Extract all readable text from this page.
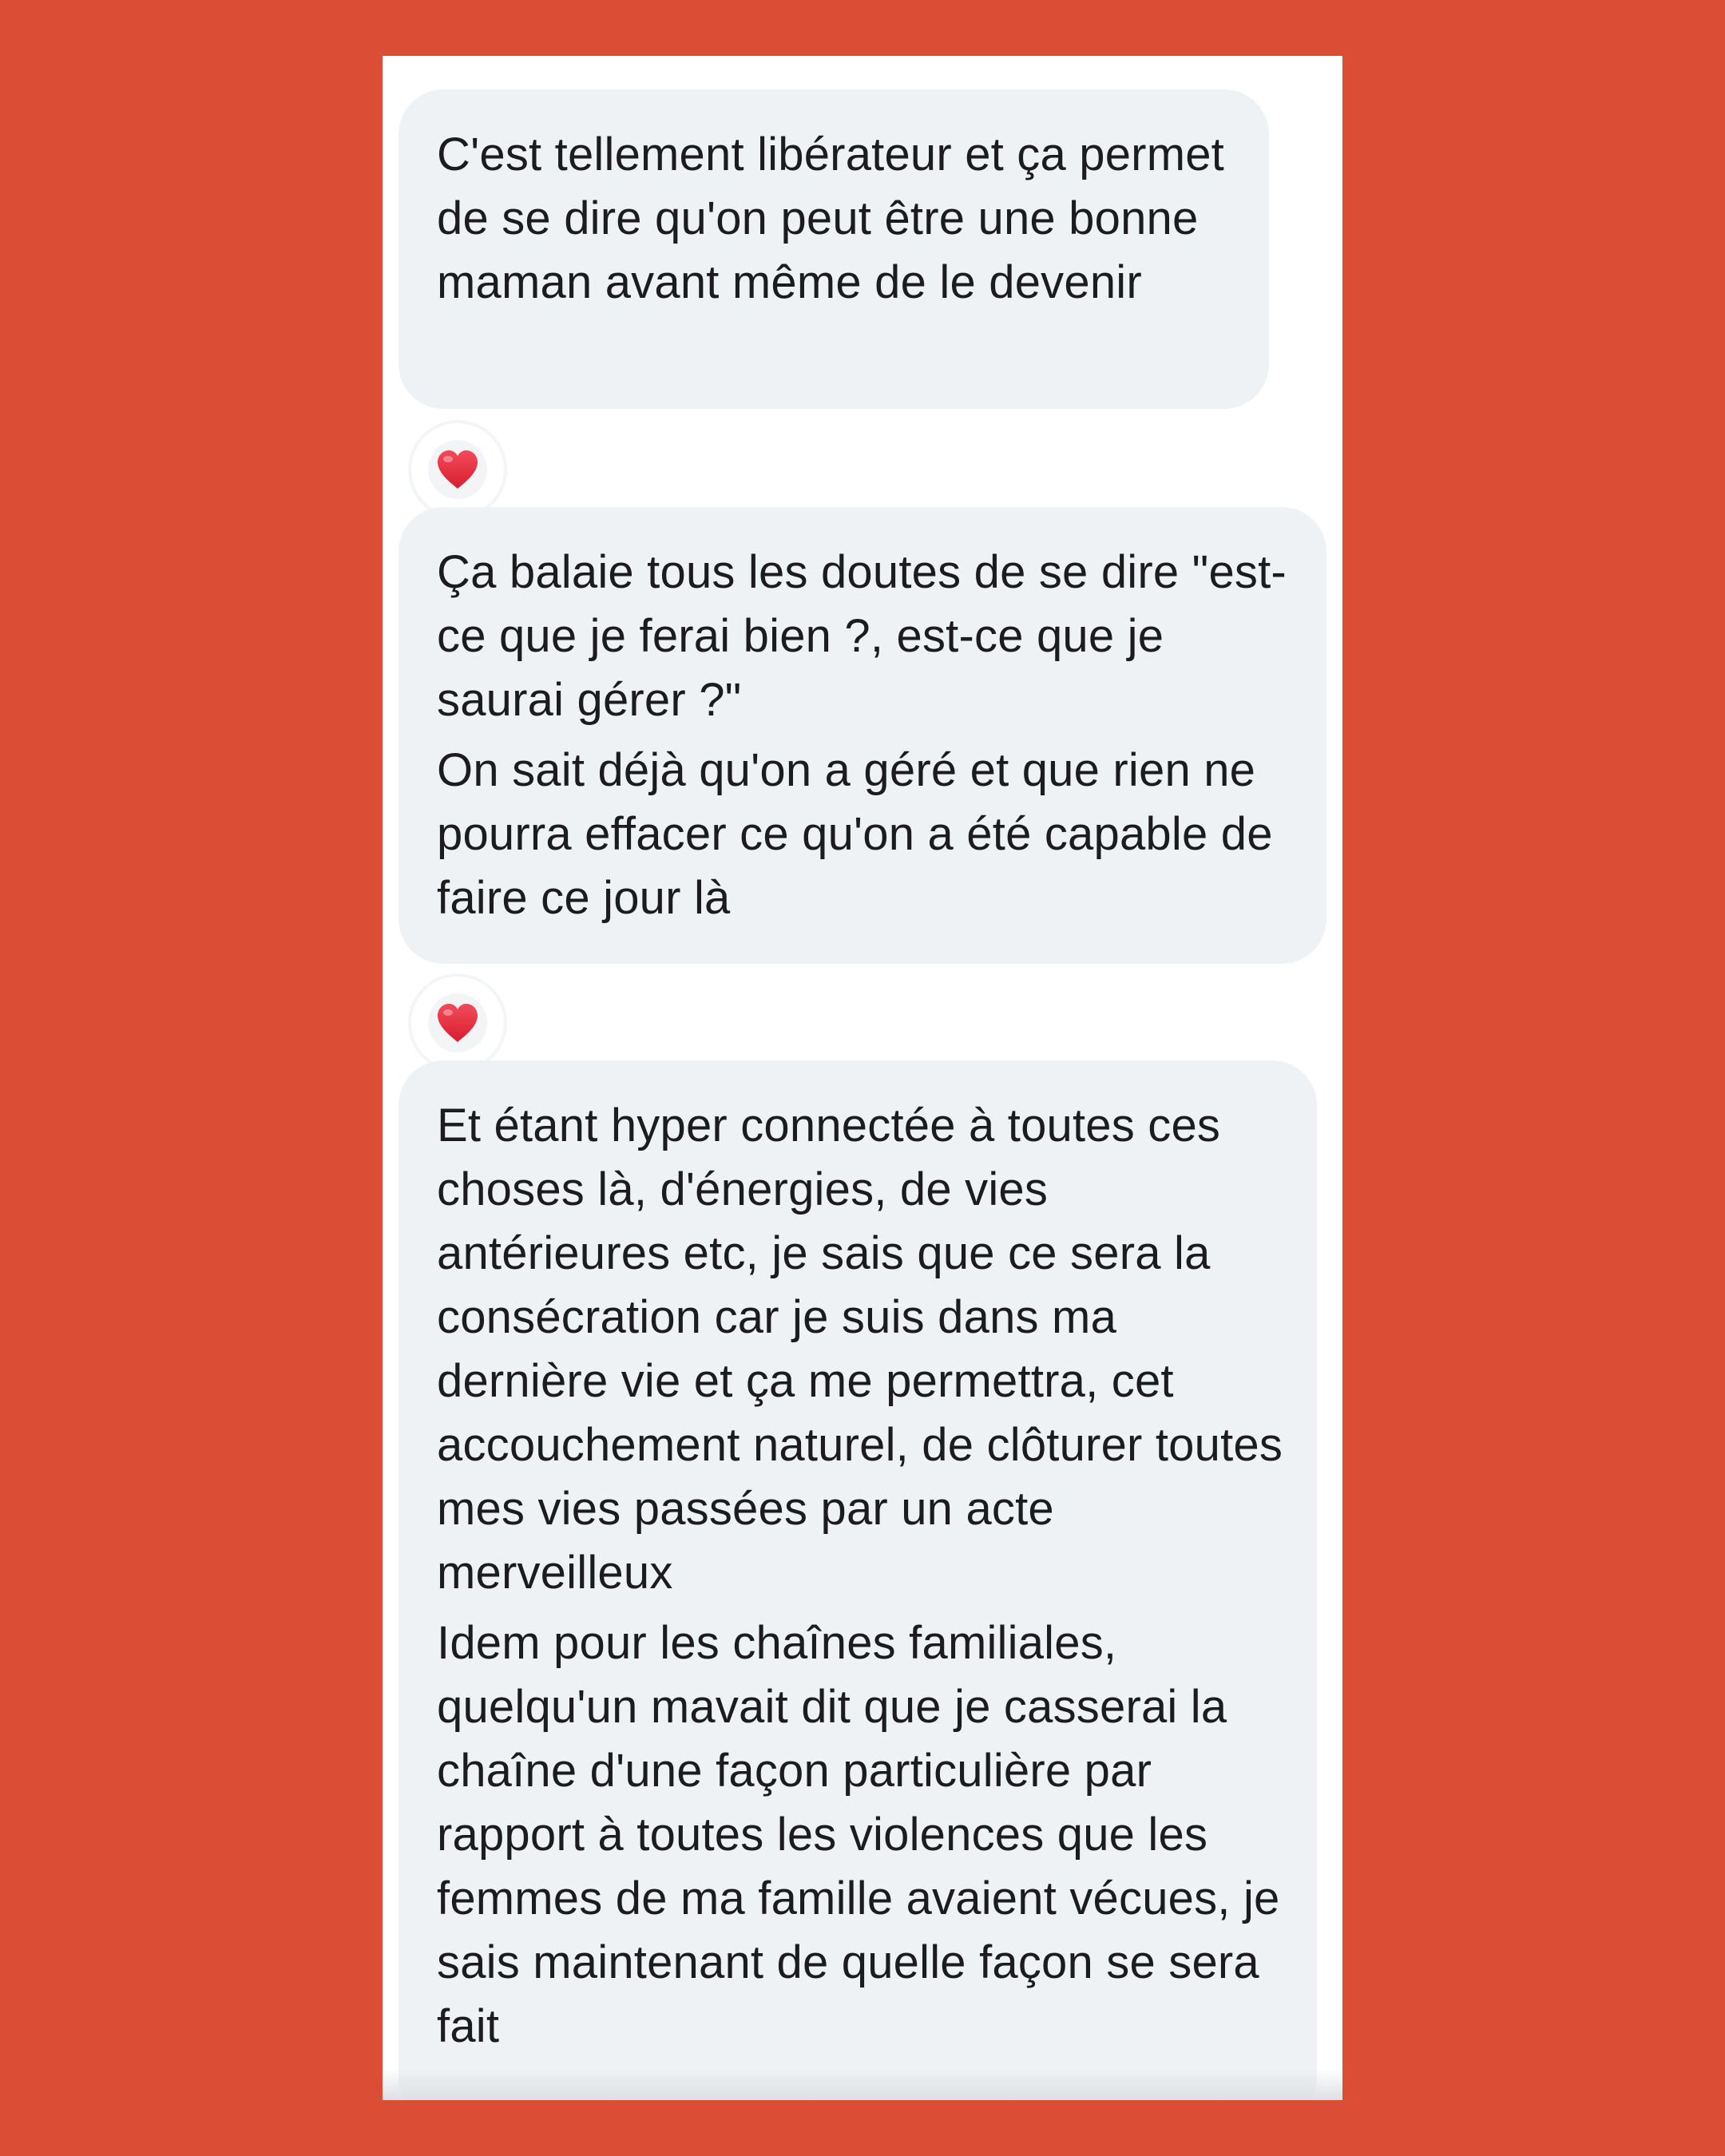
C'est tellement libérateur et ça permet de se dire qu'on peut être une bonne maman avant même de le devenir

Ça balaie tous les doutes de se dire "est-ce que je ferai bien ?, est-ce que je saurai gérer ?"

On sait déjà qu'on a géré et que rien ne pourra effacer ce qu'on a été capable de faire ce jour là

Et étant hyper connectée à toutes ces choses là, d'énergies, de vies antérieures etc, je sais que ce sera la consécration car je suis dans ma dernière vie et ça me permettra, cet accouchement naturel, de clôturer toutes mes vies passées par un acte merveilleux

Idem pour les chaînes familiales, quelqu'un mavait dit que je casserai la chaîne d'une façon particulière par rapport à toutes les violences que les femmes de ma famille avaient vécues, je sais maintenant de quelle façon se sera fait
